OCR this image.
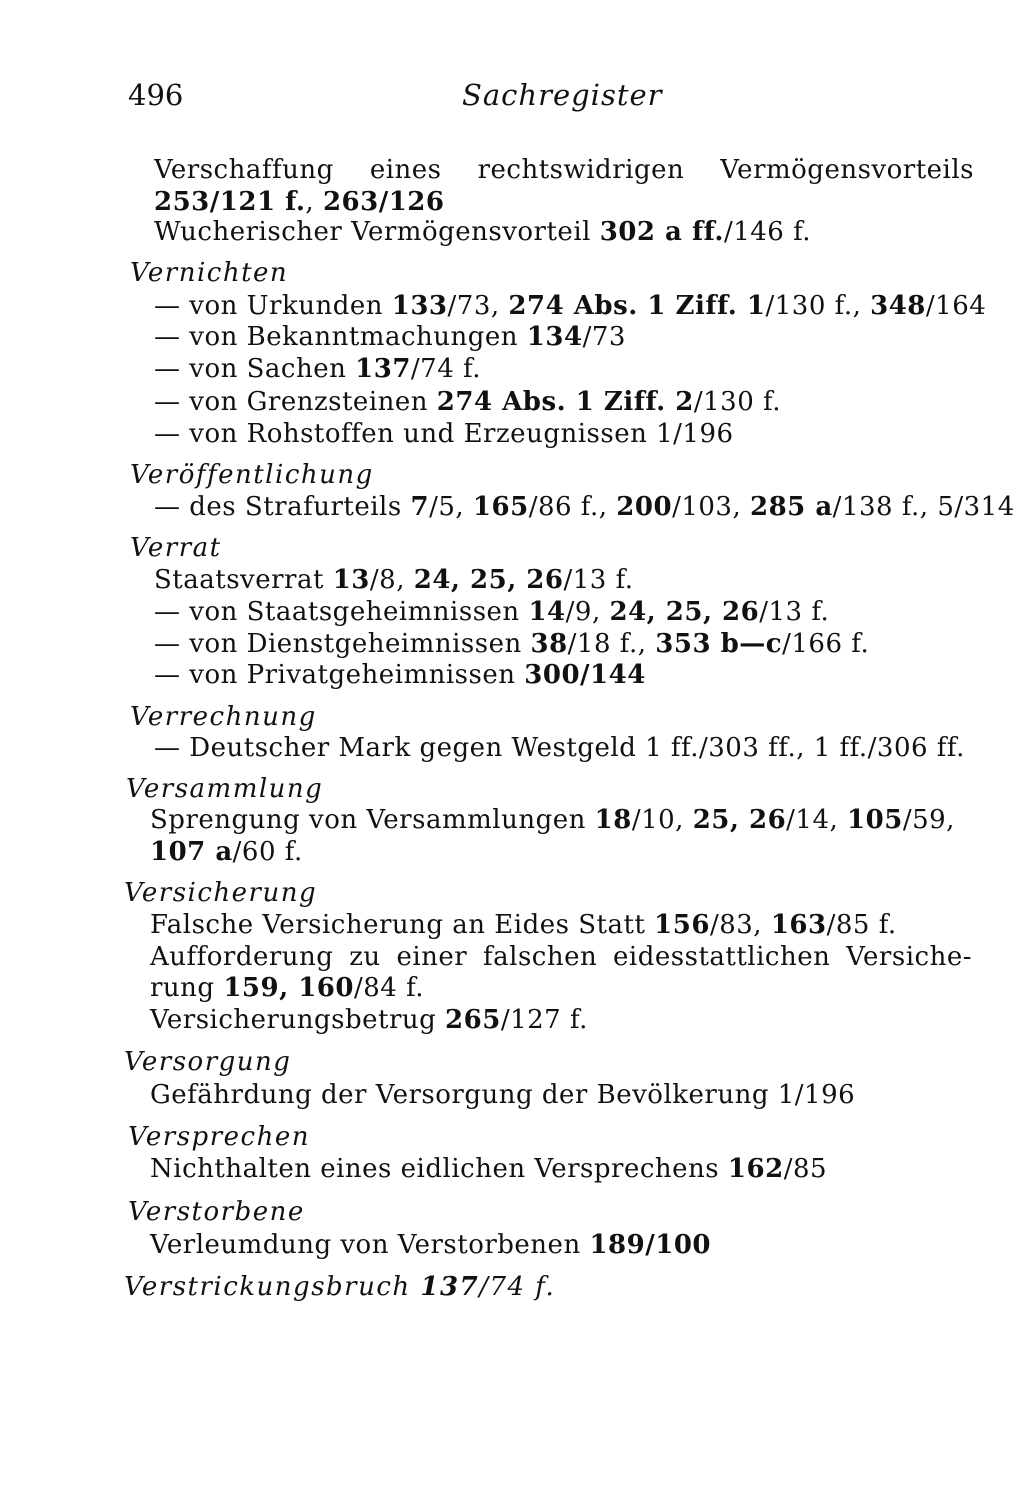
496	Sachregister
Verschaffung eines rechtswidrigen Vermögensvorteils
253/121 f., 263/126
Wucherischer Vermögensvorteil 302 a ff./146 f.
Vernichten
— von Urkunden 133/73, 274 Abs. 1 Ziff. 1/130 f., 348/164
— von Bekanntmachungen 134/73
— von Sachen 137/74 f.
— von Grenzsteinen 274 Abs. 1 Ziff. 2/130 f.
— von Rohstoffen und Erzeugnissen 1/196
Veröffentlichung
— des Strafurteils 7/5, 165/86 f., 200/103, 285 a/138 f., 5/314
Verrat
Staatsverrat 13/8, 24, 25, 26/13 f.
— von Staatsgeheimnissen 14/9, 24, 25, 26/13 f.
— von Dienstgeheimnissen 38/18 f., 353 b—c/166 f.
— von Privatgeheimnissen 300/144
Verrechnung
— Deutscher Mark gegen Westgeld 1 ff./303 ff., 1 ff./306 ff.
Versammlung
Sprengung von Versammlungen 18/10, 25, 26/14, 105/59,
107 a/60 f.
Versicherung
Falsche Versicherung an Eides Statt 156/83, 163/85 f.
Aufforderung zu einer falschen eidesstattlichen Versiche-
rung 159, 160/84 f.
Versicherungsbetrug 265/127 f.
Versorgung
Gefährdung der Versorgung der Bevölkerung 1/196
Versprechen
Nichthalten eines eidlichen Versprechens 162/85
Verstorbene
Verleumdung von Verstorbenen 189/100
Verstrickungsbruch 137/74 f.
